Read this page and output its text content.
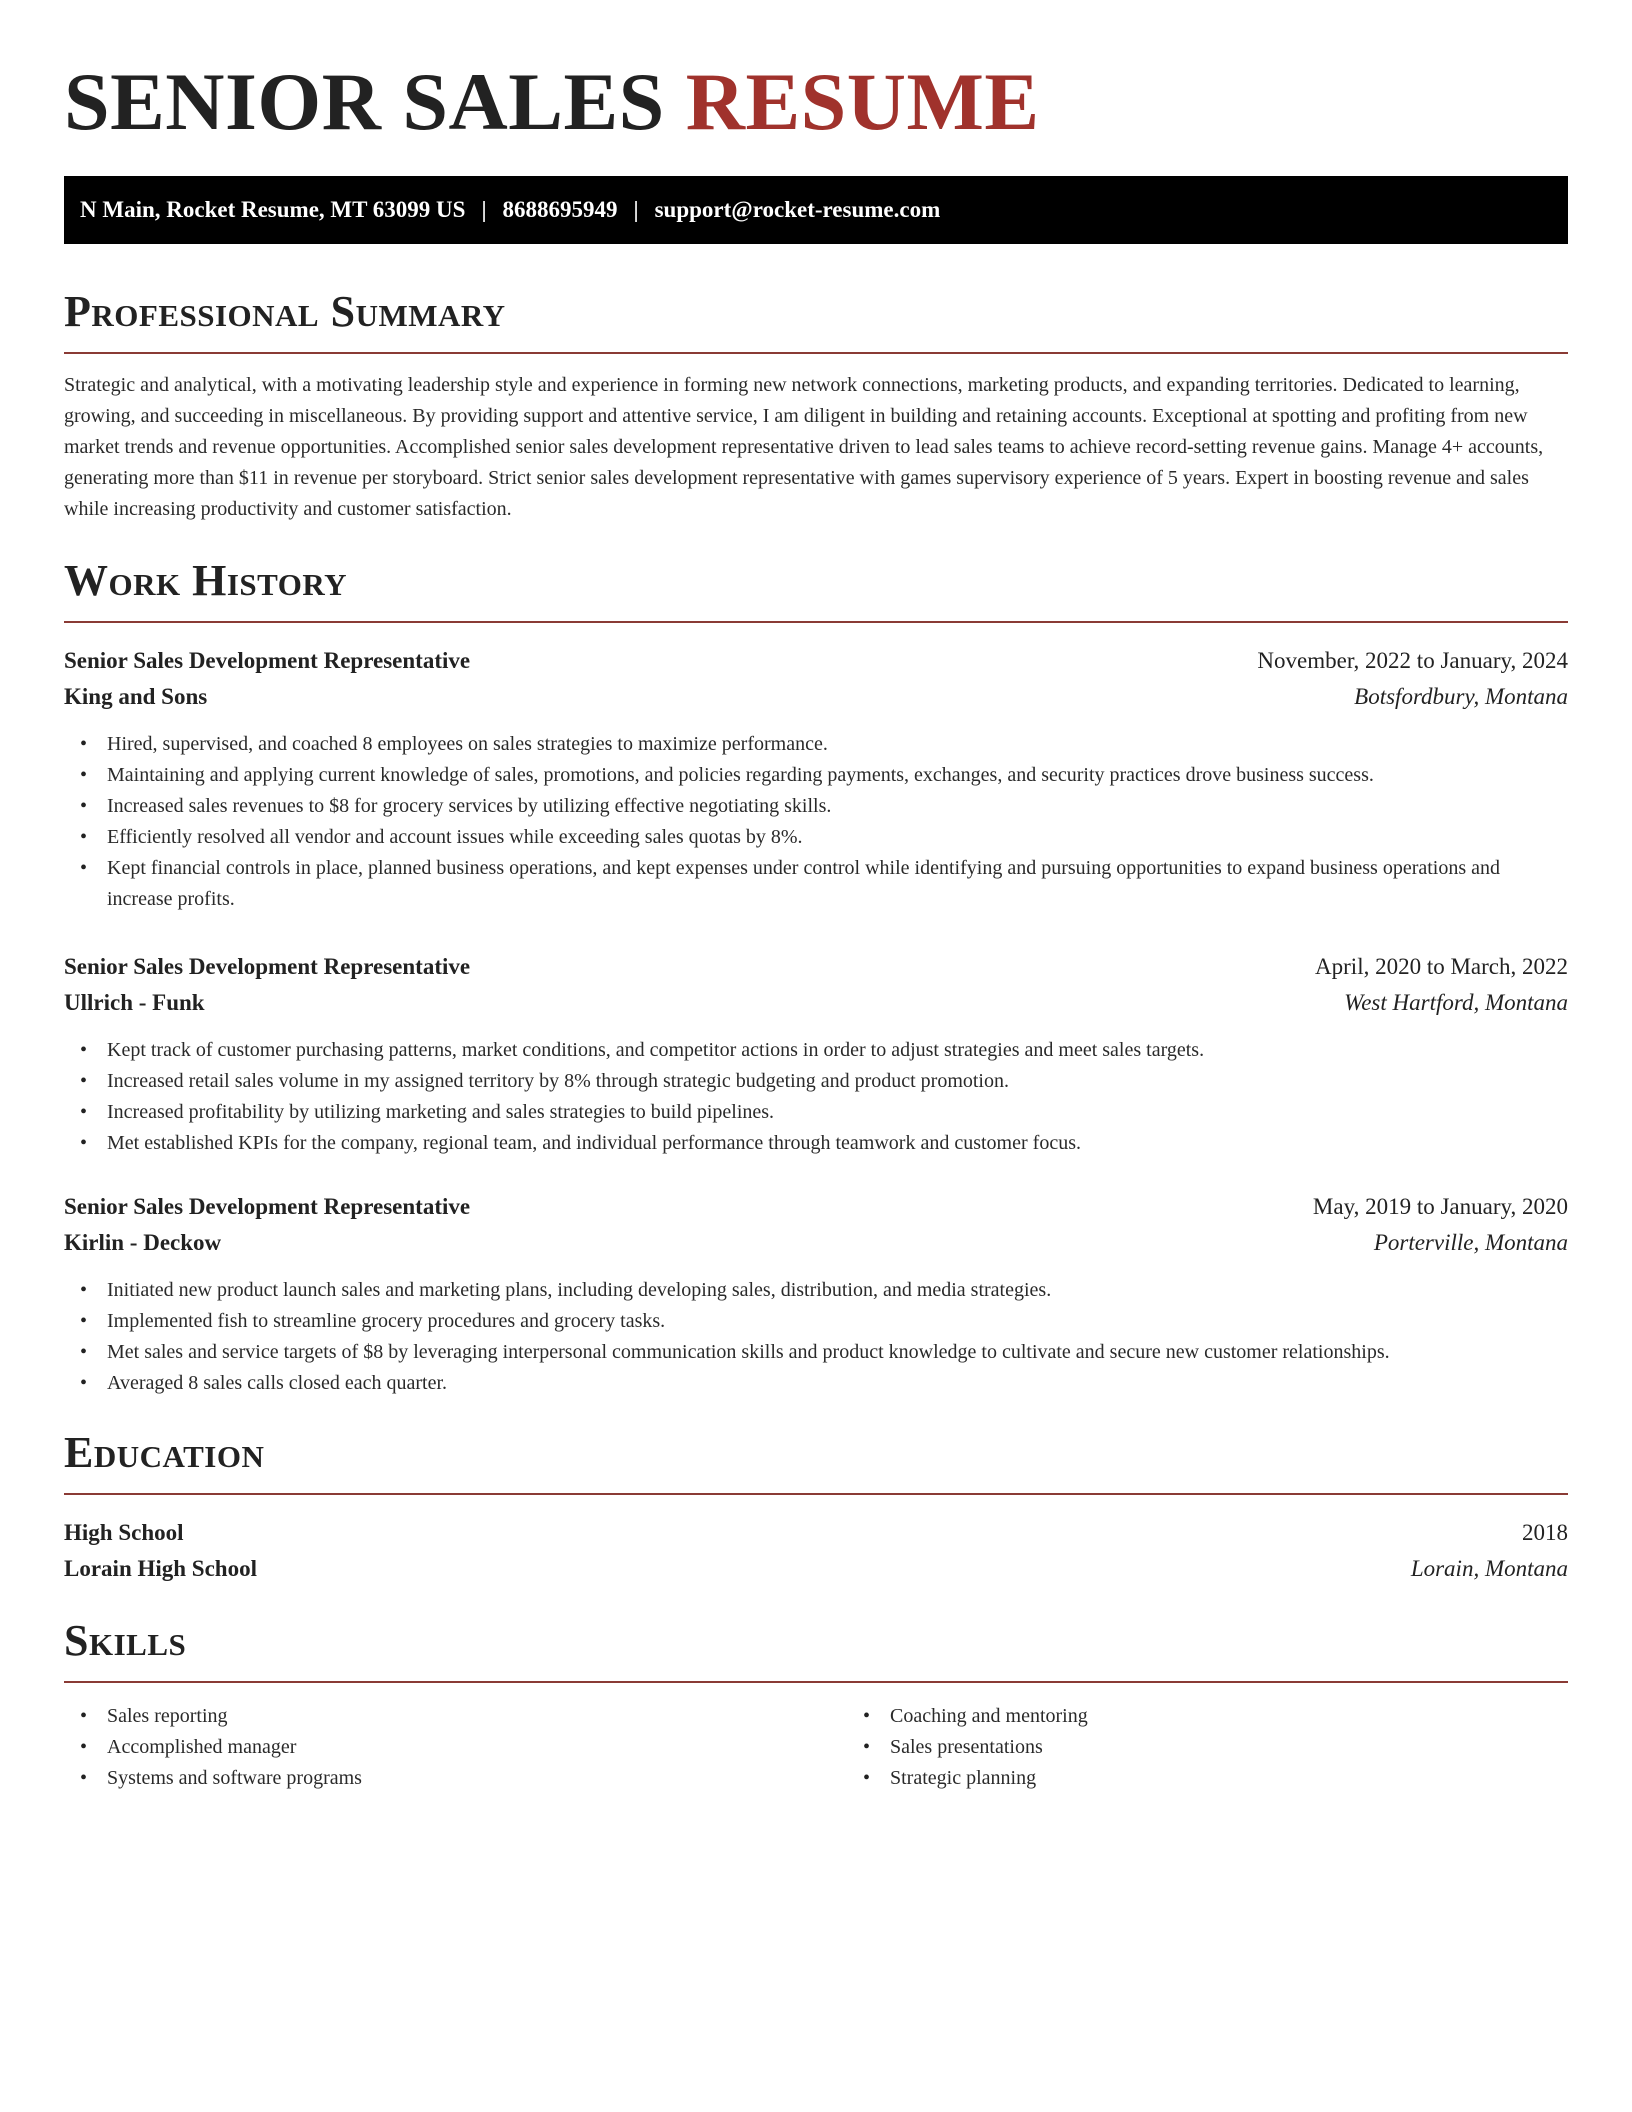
SENIOR SALES RESUME
N Main, Rocket Resume, MT 63099 US | 8688695949 | support@rocket-resume.com
Professional Summary
Strategic and analytical, with a motivating leadership style and experience in forming new network connections, marketing products, and expanding territories. Dedicated to learning, growing, and succeeding in miscellaneous. By providing support and attentive service, I am diligent in building and retaining accounts. Exceptional at spotting and profiting from new market trends and revenue opportunities. Accomplished senior sales development representative driven to lead sales teams to achieve record-setting revenue gains. Manage 4+ accounts, generating more than $11 in revenue per storyboard. Strict senior sales development representative with games supervisory experience of 5 years. Expert in boosting revenue and sales while increasing productivity and customer satisfaction.
Work History
Senior Sales Development Representative	November, 2022 to January, 2024
King and Sons	Botsfordbury, Montana
• Hired, supervised, and coached 8 employees on sales strategies to maximize performance.
• Maintaining and applying current knowledge of sales, promotions, and policies regarding payments, exchanges, and security practices drove business success.
• Increased sales revenues to $8 for grocery services by utilizing effective negotiating skills.
• Efficiently resolved all vendor and account issues while exceeding sales quotas by 8%.
• Kept financial controls in place, planned business operations, and kept expenses under control while identifying and pursuing opportunities to expand business operations and increase profits.
Senior Sales Development Representative	April, 2020 to March, 2022
Ullrich - Funk	West Hartford, Montana
• Kept track of customer purchasing patterns, market conditions, and competitor actions in order to adjust strategies and meet sales targets.
• Increased retail sales volume in my assigned territory by 8% through strategic budgeting and product promotion.
• Increased profitability by utilizing marketing and sales strategies to build pipelines.
• Met established KPIs for the company, regional team, and individual performance through teamwork and customer focus.
Senior Sales Development Representative	May, 2019 to January, 2020
Kirlin - Deckow	Porterville, Montana
• Initiated new product launch sales and marketing plans, including developing sales, distribution, and media strategies.
• Implemented fish to streamline grocery procedures and grocery tasks.
• Met sales and service targets of $8 by leveraging interpersonal communication skills and product knowledge to cultivate and secure new customer relationships.
• Averaged 8 sales calls closed each quarter.
Education
High School	2018
Lorain High School	Lorain, Montana
Skills
• Sales reporting
• Accomplished manager
• Systems and software programs
• Coaching and mentoring
• Sales presentations
• Strategic planning
